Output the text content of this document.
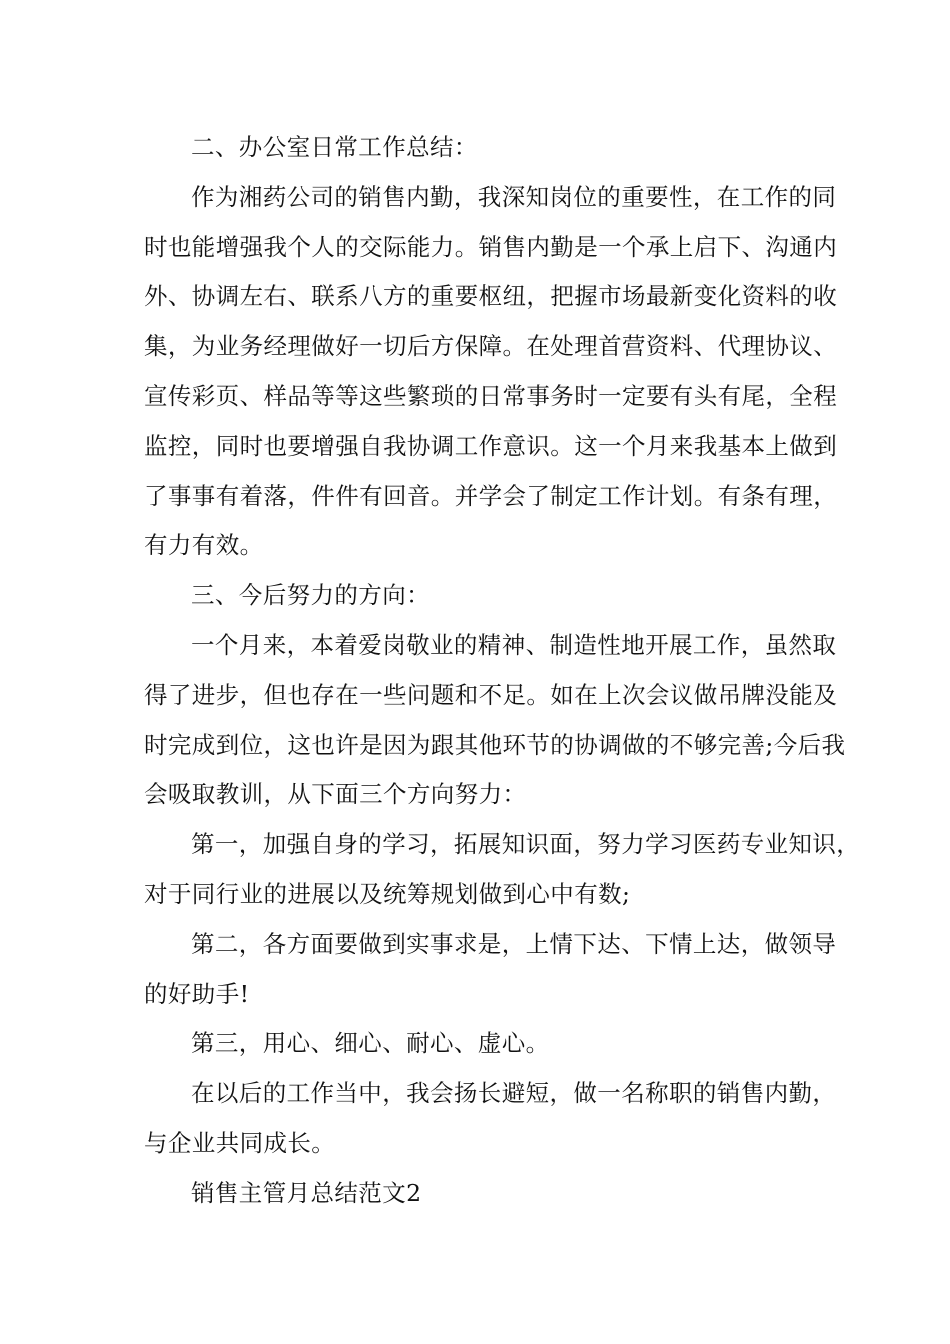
二、办公室日常工作总结：

作为湘药公司的销售内勤，我深知岗位的重要性，在工作的同
时也能增强我个人的交际能力。销售内勤是一个承上启下、沟通内
外、协调左右、联系八方的重要枢纽，把握市场最新变化资料的收
集，为业务经理做好一切后方保障。在处理首营资料、代理协议、
宣传彩页、样品等等这些繁琐的日常事务时一定要有头有尾，全程
监控，同时也要增强自我协调工作意识。这一个月来我基本上做到
了事事有着落，件件有回音。并学会了制定工作计划。有条有理，
有力有效。

三、今后努力的方向：

一个月来，本着爱岗敬业的精神、制造性地开展工作，虽然取
得了进步，但也存在一些问题和不足。如在上次会议做吊牌没能及
时完成到位，这也许是因为跟其他环节的协调做的不够完善;今后我
会吸取教训，从下面三个方向努力：

第一，加强自身的学习，拓展知识面，努力学习医药专业知识，
对于同行业的进展以及统筹规划做到心中有数;

第二，各方面要做到实事求是，上情下达、下情上达，做领导
的好助手!

第三，用心、细心、耐心、虚心。

在以后的工作当中，我会扬长避短，做一名称职的销售内勤，
与企业共同成长。

销售主管月总结范文2
